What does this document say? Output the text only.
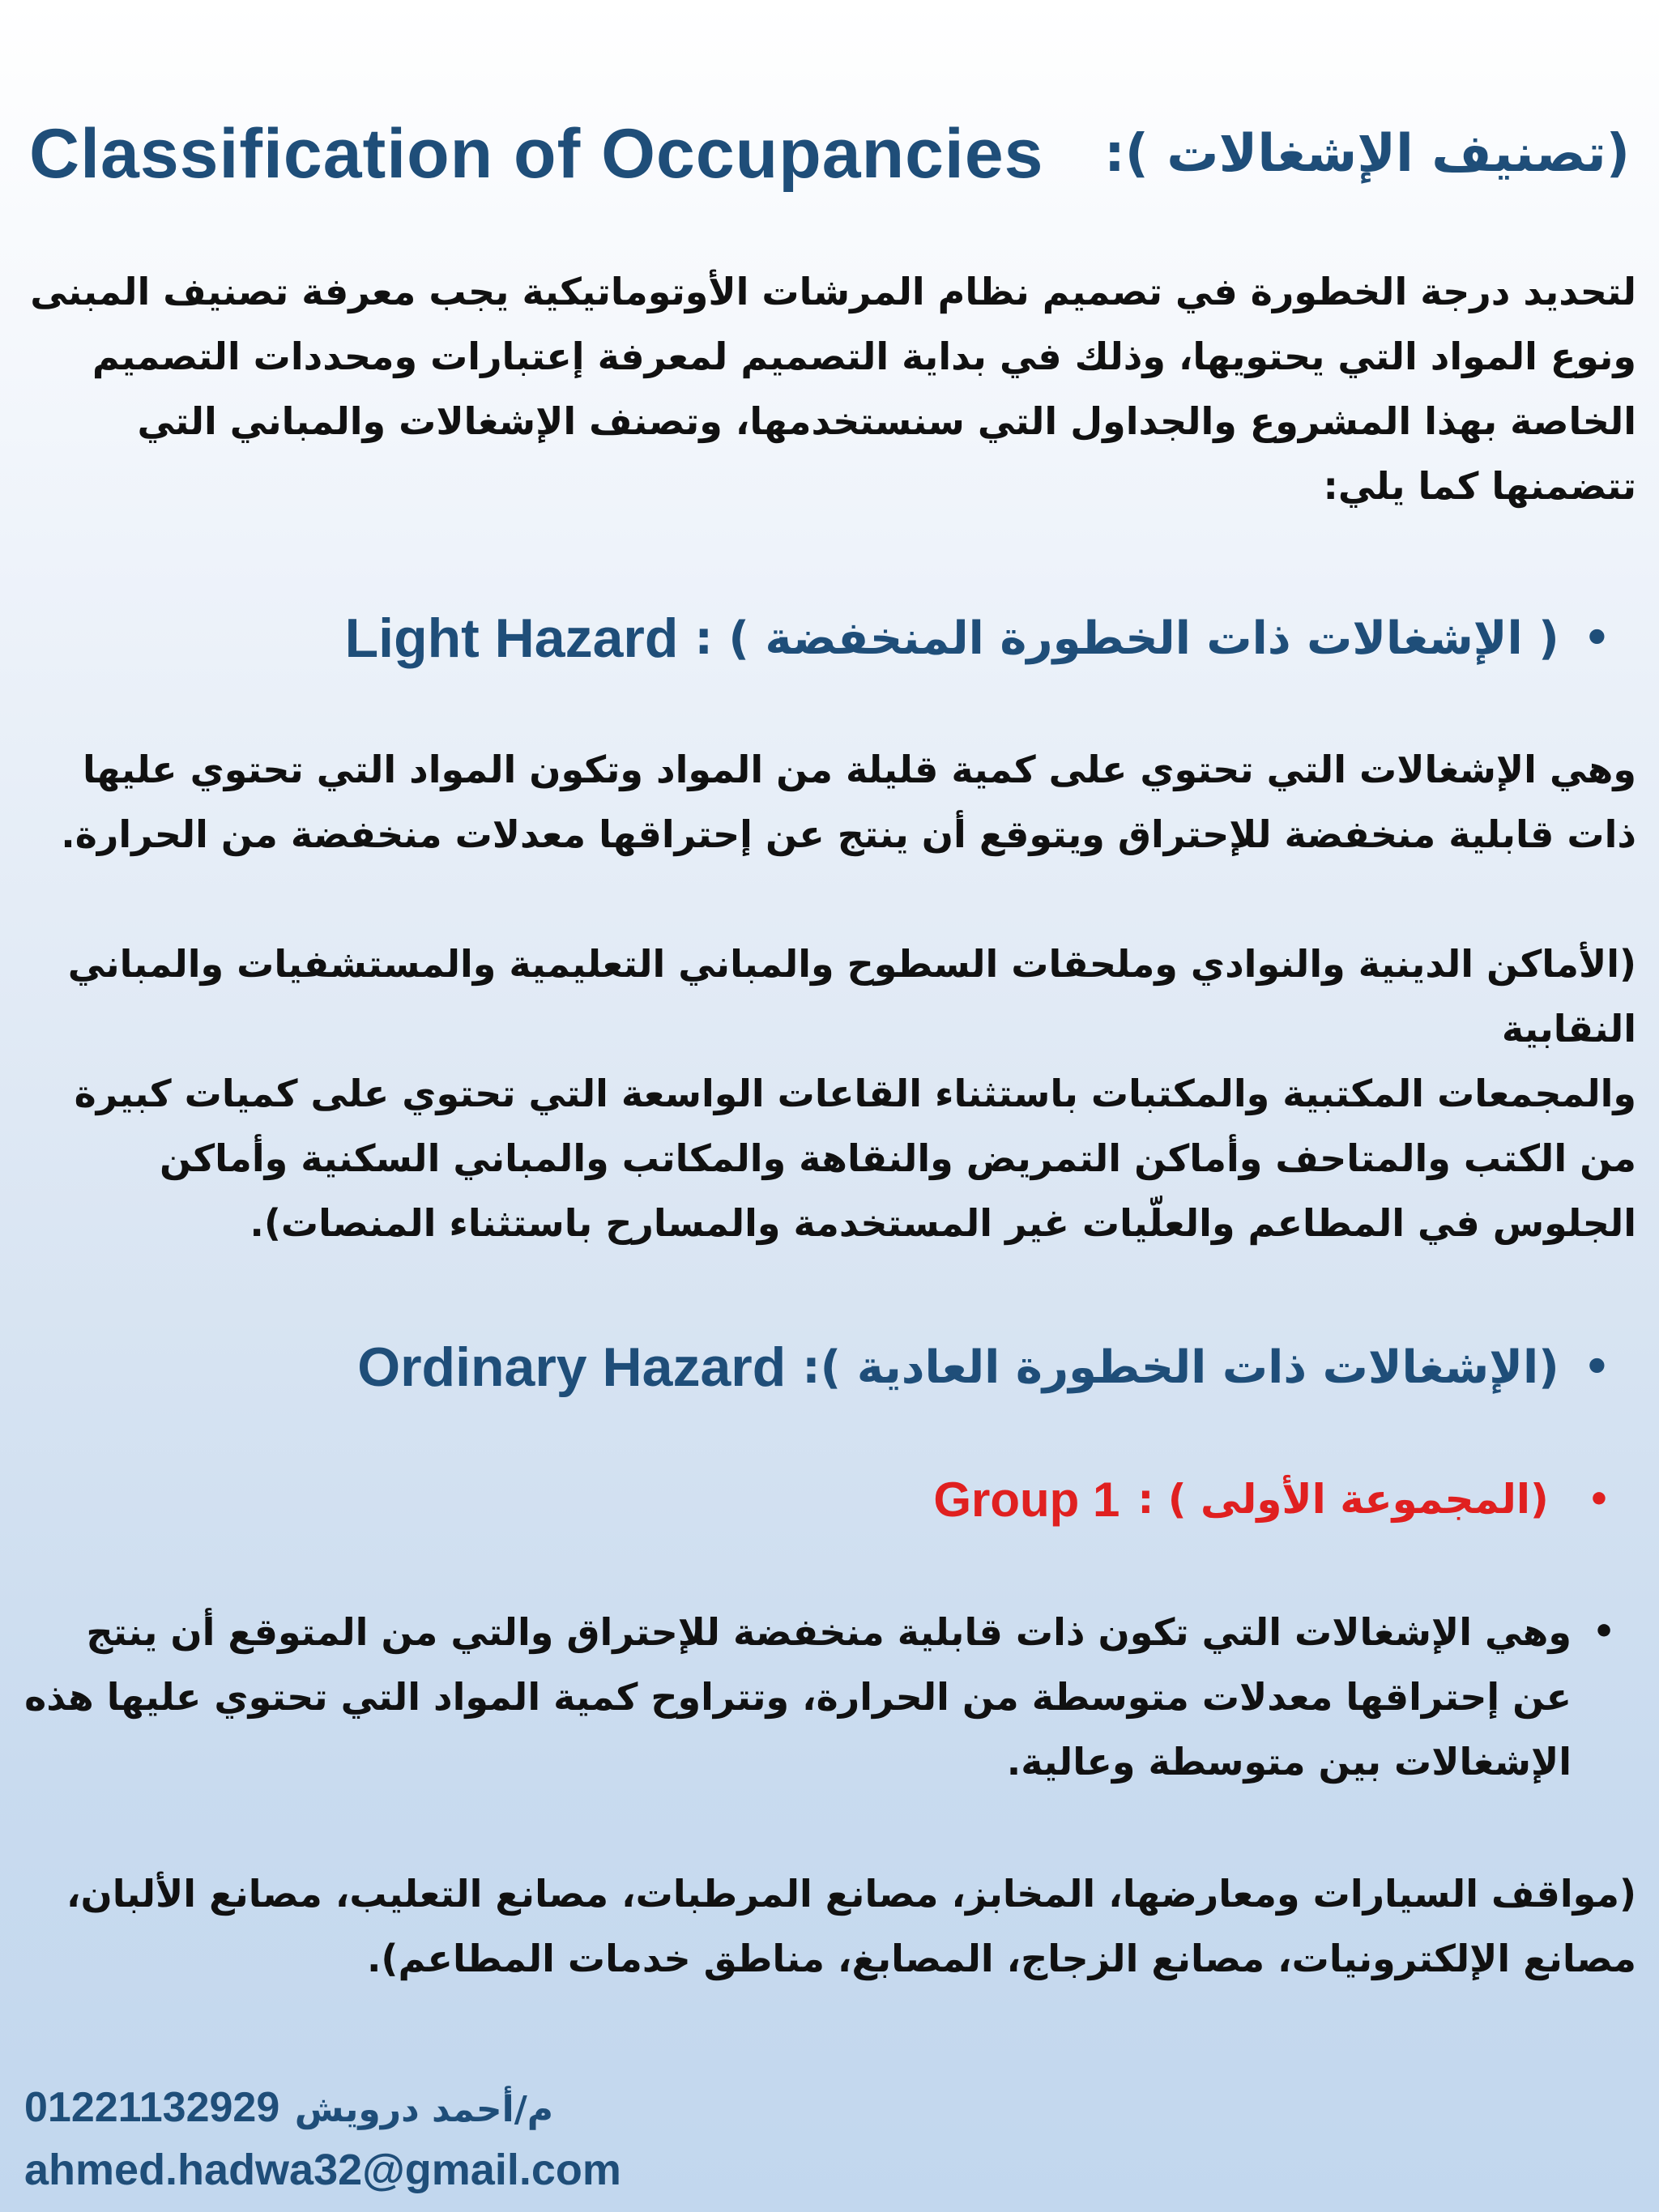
Classification of Occupancies (تصنيف الإشغالات ):
لتحديد درجة الخطورة في تصميم نظام المرشات الأوتوماتيكية يجب معرفة تصنيف المبنى ونوع المواد التي يحتويها، وذلك في بداية التصميم لمعرفة إعتبارات ومحددات التصميم الخاصة بهذا المشروع والجداول التي سنستخدمها، وتصنف الإشغالات والمباني التي تتضمنها كما يلي:
Light Hazard ( الإشغالات ذات الخطورة المنخفضة ) : •
وهي الإشغالات التي تحتوي على كمية قليلة من المواد وتكون المواد التي تحتوي عليها ذات قابلية منخفضة للإحتراق ويتوقع أن ينتج عن إحتراقها معدلات منخفضة من الحرارة.
(الأماكن الدينية والنوادي وملحقات السطوح والمباني التعليمية والمستشفيات والمباني النقابية
والمجمعات المكتبية والمكتبات باستثناء القاعات الواسعة التي تحتوي على كميات كبيرة من الكتب والمتاحف وأماكن التمريض والنقاهة والمكاتب والمباني السكنية وأماكن الجلوس في المطاعم والعلّيات غير المستخدمة والمسارح باستثناء المنصات).
Ordinary Hazard (الإشغالات ذات الخطورة العادية ): •
Group 1 (المجموعة الأولى ) : •
•
وهي الإشغالات التي تكون ذات قابلية منخفضة للإحتراق والتي من المتوقع أن ينتج عن إحتراقها معدلات متوسطة من الحرارة، وتتراوح كمية المواد التي تحتوي عليها هذه الإشغالات بين متوسطة وعالية.
(مواقف السيارات ومعارضها، المخابز، مصانع المرطبات، مصانع التعليب، مصانع الألبان، مصانع الإلكترونيات، مصانع الزجاج، المصابغ، مناطق خدمات المطاعم).
01221132929 م/أحمد درويش
ahmed.hadwa32@gmail.com
